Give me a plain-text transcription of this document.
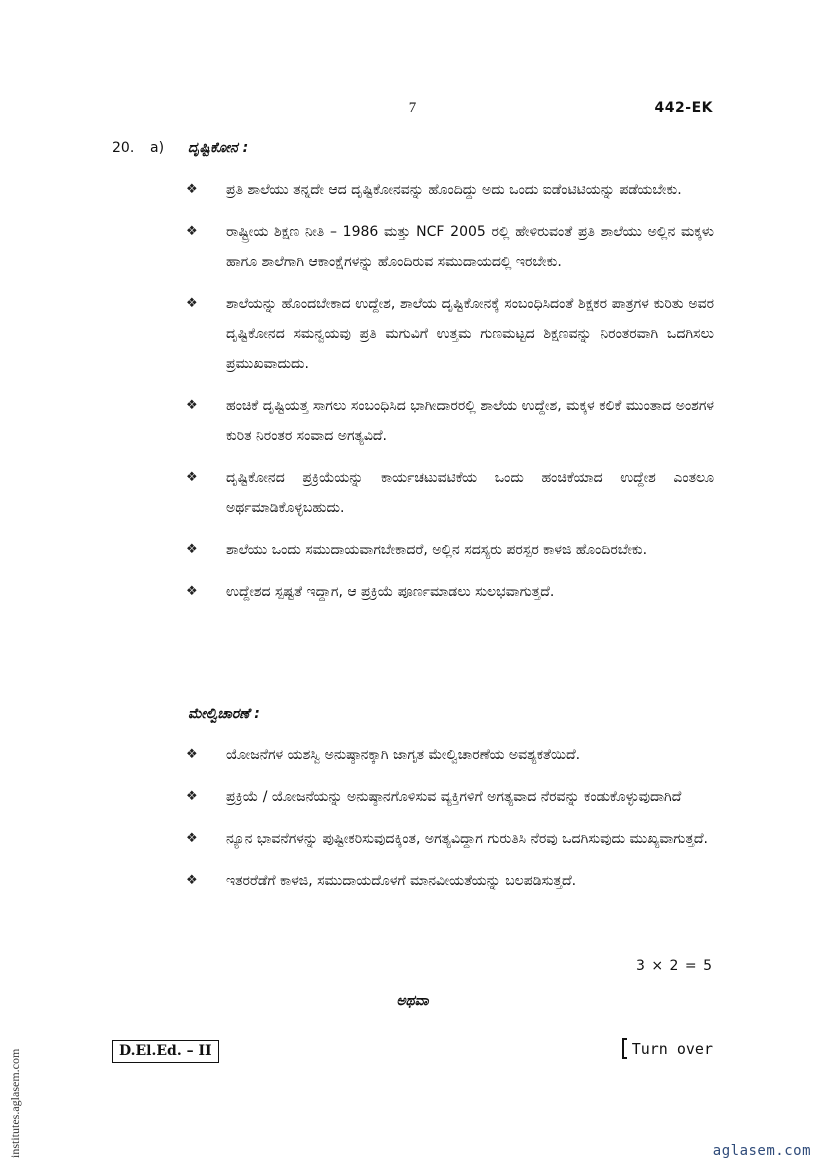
7	442-EK
20. a) ದೃಷ್ಟಿಕೋನ :
❖ ಪ್ರತಿ ಶಾಲೆಯು ತನ್ನದೇ ಆದ ದೃಷ್ಟಿಕೋನವನ್ನು ಹೊಂದಿದ್ದು ಅದು ಒಂದು ಐಡೆಂಟಿಟಿಯನ್ನು ಪಡೆಯಬೇಕು.
❖ ರಾಷ್ಟ್ರೀಯ ಶಿಕ್ಷಣ ನೀತಿ – 1986 ಮತ್ತು NCF 2005 ರಲ್ಲಿ ಹೇಳಿರುವಂತೆ ಪ್ರತಿ ಶಾಲೆಯು ಅಲ್ಲಿನ ಮಕ್ಕಳು ಹಾಗೂ ಶಾಲೆಗಾಗಿ ಆಕಾಂಕ್ಷೆಗಳನ್ನು ಹೊಂದಿರುವ ಸಮುದಾಯದಲ್ಲಿ ಇರಬೇಕು.
❖ ಶಾಲೆಯನ್ನು ಹೊಂದಬೇಕಾದ ಉದ್ದೇಶ, ಶಾಲೆಯ ದೃಷ್ಟಿಕೋನಕ್ಕೆ ಸಂಬಂಧಿಸಿದಂತೆ ಶಿಕ್ಷಕರ ಪಾತ್ರಗಳ ಕುರಿತು ಅವರ ದೃಷ್ಟಿಕೋನದ ಸಮನ್ವಯವು ಪ್ರತಿ ಮಗುವಿಗೆ ಉತ್ತಮ ಗುಣಮಟ್ಟದ ಶಿಕ್ಷಣವನ್ನು ನಿರಂತರವಾಗಿ ಒದಗಿಸಲು ಪ್ರಮುಖವಾದುದು.
❖ ಹಂಚಿಕೆ ದೃಷ್ಟಿಯತ್ತ ಸಾಗಲು ಸಂಬಂಧಿಸಿದ ಭಾಗೀದಾರರಲ್ಲಿ ಶಾಲೆಯ ಉದ್ದೇಶ, ಮಕ್ಕಳ ಕಲಿಕೆ ಮುಂತಾದ ಅಂಶಗಳ ಕುರಿತ ನಿರಂತರ ಸಂವಾದ ಅಗತ್ಯವಿದೆ.
❖ ದೃಷ್ಟಿಕೋನದ ಪ್ರಕ್ರಿಯೆಯನ್ನು ಕಾರ್ಯಚಟುವಟಿಕೆಯ ಒಂದು ಹಂಚಿಕೆಯಾದ ಉದ್ದೇಶ ಎಂತಲೂ ಅರ್ಥಮಾಡಿಕೊಳ್ಳಬಹುದು.
❖ ಶಾಲೆಯು ಒಂದು ಸಮುದಾಯವಾಗಬೇಕಾದರೆ, ಅಲ್ಲಿನ ಸದಸ್ಯರು ಪರಸ್ಪರ ಕಾಳಜಿ ಹೊಂದಿರಬೇಕು.
❖ ಉದ್ದೇಶದ ಸ್ಪಷ್ಟತೆ ಇದ್ದಾಗ, ಆ ಪ್ರಕ್ರಿಯೆ ಪೂರ್ಣಮಾಡಲು ಸುಲಭವಾಗುತ್ತದೆ.
ಮೇಲ್ವಿಚಾರಣೆ :
❖ ಯೋಜನೆಗಳ ಯಶಸ್ವಿ ಅನುಷ್ಠಾನಕ್ಕಾಗಿ ಜಾಗೃತ ಮೇಲ್ವಿಚಾರಣೆಯ ಅವಶ್ಯಕತೆಯಿದೆ.
❖ ಪ್ರಕ್ರಿಯೆ / ಯೋಜನೆಯನ್ನು ಅನುಷ್ಠಾನಗೊಳಿಸುವ ವ್ಯಕ್ತಿಗಳಿಗೆ ಅಗತ್ಯವಾದ ನೆರವನ್ನು ಕಂಡುಕೊಳ್ಳುವುದಾಗಿದೆ
❖ ನ್ಯೂನ ಭಾವನೆಗಳನ್ನು ಪುಷ್ಟೀಕರಿಸುವುದಕ್ಕಿಂತ, ಅಗತ್ಯವಿದ್ದಾಗ ಗುರುತಿಸಿ ನೆರವು ಒದಗಿಸುವುದು ಮುಖ್ಯವಾಗುತ್ತದೆ.
❖ ಇತರರೆಡೆಗೆ ಕಾಳಜಿ, ಸಮುದಾಯದೊಳಗೆ ಮಾನವೀಯತೆಯನ್ನು ಬಲಪಡಿಸುತ್ತದೆ.
3 × 2 = 5
ಅಥವಾ
D.El.Ed. – II	Turn over
institutes.aglasem.com	aglasem.com
